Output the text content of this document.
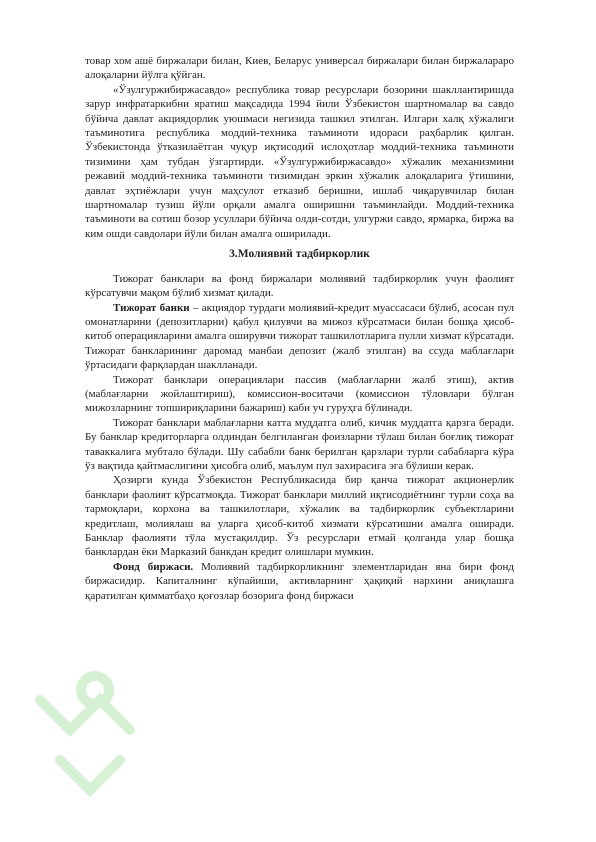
товар хом ашё биржалари билан, Киев, Беларус универсал биржалари билан биржалараро алоқаларни йўлга қўйган.

«Ўзулгуржибиржасавдо» республика товар ресурслари бозорини шакллантиришда зарур инфратаркибни яратиш мақсадида 1994 йили Ўзбекистон шартномалар ва савдо бўйича давлат акциядорлик уюшмаси негизида ташкил этилган. Илгари халқ хўжалиги таъминотига республика моддий-техника таъминоти идораси раҳбарлик қилган. Ўзбекистонда ўтказилаётган чуқур иқтисодий ислоҳотлар моддий-техника таъминоти тизимини ҳам тубдан ўзгартирди. «Ўзулгуржибиржасавдо» хўжалик механизмини режавий моддий-техника таъминоти тизимидан эркин хўжалик алоқаларига ўтишини, давлат эҳтиёжлари учун маҳсулот етказиб беришни, ишлаб чиқарувчилар билан шартномалар тузиш йўли орқали амалга оширишни таъминлайди. Моддий-техника таъминоти ва сотиш бозор усуллари бўйича олди-сотди, улгуржи савдо, ярмарка, биржа ва ким ошди савдолари йўли билан амалга оширилади.

3.Молиявий тадбиркорлик

Тижорат банклари ва фонд биржалари молиявий тадбиркорлик учун фаолият кўрсатувчи мақом бўлиб хизмат қилади.

Тижорат банки – акциядор турдаги молиявий-кредит муассасаси бўлиб, асосан пул омонатларини (депозитларни) қабул қилувчи ва мижоз кўрсатмаси билан бошқа ҳисоб-китоб операцияларини амалга оширувчи тижорат ташкилотларига пулли хизмат кўрсатади. Тижорат банкларининг даромад манбаи депозит (жалб этилган) ва ссуда маблағлари ўртасидаги фарқлардан шаклланади.

Тижорат банклари операциялари пассив (маблағларни жалб этиш), актив (маблағларни жойлаштириш), комиссион-воситачи (комиссион тўловлари бўлган мижозларнинг топшириқларини бажариш) каби уч гуруҳга бўлинади.

Тижорат банклари маблағларни катта муддатга олиб, кичик муддатга қарзга беради. Бу банклар кредиторларга олдиндан белгиланган фоизларни тўлаш билан боғлиқ тижорат таваккалига мубтало бўлади. Шу сабабли банк берилган қарзлари турли сабабларга кўра ўз вақтида қайтмаслигини ҳисобга олиб, маълум пул захирасига эга бўлиши керак.

Ҳозирги кунда Ўзбекистон Республикасида бир қанча тижорат акционерлик банклари фаолият кўрсатмоқда. Тижорат банклари миллий иқтисодиётнинг турли соҳа ва тармоқлари, корхона ва ташкилотлари, хўжалик ва тадбиркорлик субъектларини кредитлаш, молиялаш ва уларга ҳисоб-китоб хизмати кўрсатишни амалга оширади. Банклар фаолияти тўла мустақилдир. Ўз ресурслари етмай қолганда улар бошқа банклардан ёки Марказий банкдан кредит олишлари мумкин.

Фонд биржаси. Молиявий тадбиркорликнинг элементларидан яна бири фонд биржасидир. Капиталнинг кўпайиши, активларнинг ҳақиқий нархини аниқлашга қаратилган қимматбаҳо қоғозлар бозорига фонд биржаси
